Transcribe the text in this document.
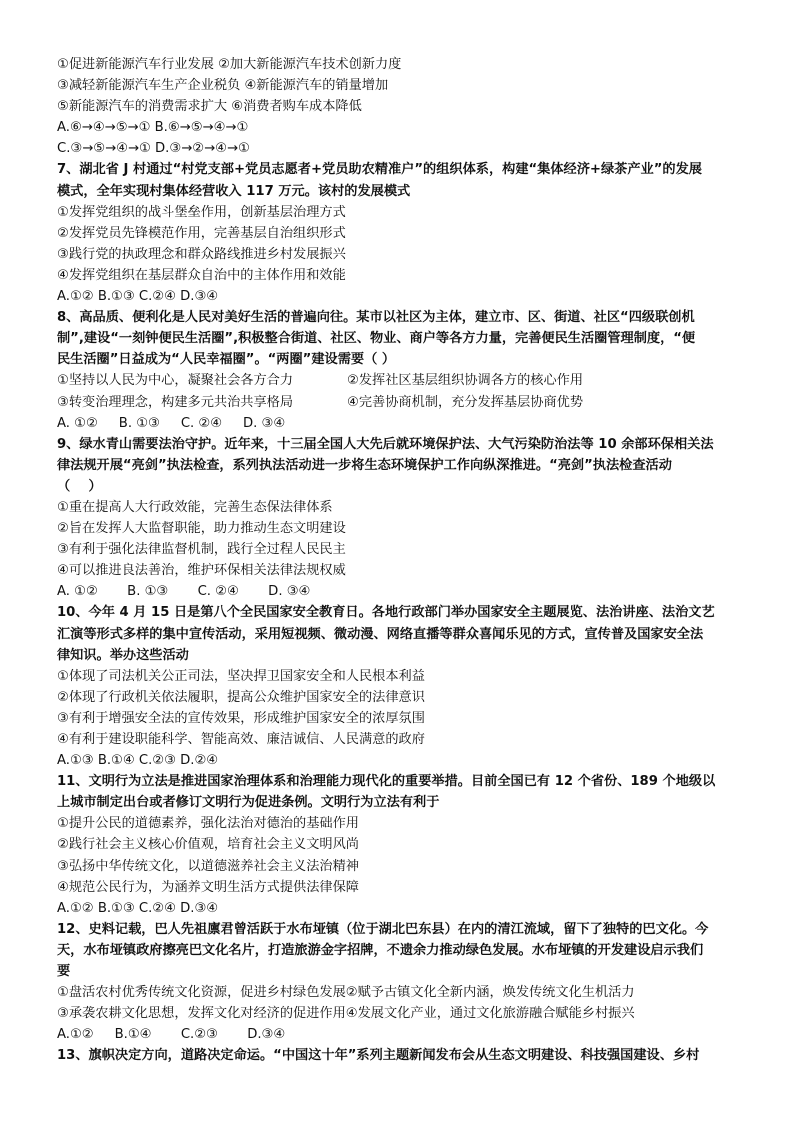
①促进新能源汽车行业发展 ②加大新能源汽车技术创新力度
③减轻新能源汽车生产企业税负 ④新能源汽车的销量增加
⑤新能源汽车的消费需求扩大 ⑥消费者购车成本降低
A.⑥→④→⑤→① B.⑥→⑤→④→①
C.③→⑤→④→① D.③→②→④→①
7、湖北省 J 村通过“村党支部+党员志愿者+党员助农精准户”的组织体系，构建“集体经济+绿茶产业”的发展
模式，全年实现村集体经营收入 117 万元。该村的发展模式
①发挥党组织的战斗堡垒作用，创新基层治理方式
②发挥党员先锋模范作用，完善基层自治组织形式
③践行党的执政理念和群众路线推进乡村发展振兴
④发挥党组织在基层群众自治中的主体作用和效能
A.①② B.①③ C.②④ D.③④
8、高品质、便利化是人民对美好生活的普遍向往。某市以社区为主体，建立市、区、街道、社区“四级联创机
制”,建设“一刻钟便民生活圈”,积极整合街道、社区、物业、商户等各方力量，完善便民生活圈管理制度，“便
民生活圈”日益成为“人民幸福圈”。“两圈”建设需要（ ）
①坚持以人民为中心，凝聚社会各方合力	②发挥社区基层组织协调各方的核心作用
③转变治理理念，构建多元共治共享格局	④完善协商机制，充分发挥基层协商优势
A. ①②     B. ①③     C. ②④     D. ③④
9、绿水青山需要法治守护。近年来，十三届全国人大先后就环境保护法、大气污染防治法等 10 余部环保相关法
律法规开展“亮剑”执法检查，系列执法活动进一步将生态环境保护工作向纵深推进。“亮剑”执法检查活动
（    ）
①重在提高人大行政效能，完善生态保法律体系
②旨在发挥人大监督职能，助力推动生态文明建设
③有利于强化法律监督机制，践行全过程人民民主
④可以推进良法善治，维护环保相关法律法规权威
A. ①②       B. ①③       C. ②④       D. ③④
10、今年 4 月 15 日是第八个全民国家安全教育日。各地行政部门举办国家安全主题展览、法治讲座、法治文艺
汇演等形式多样的集中宣传活动，采用短视频、微动漫、网络直播等群众喜闻乐见的方式，宣传普及国家安全法
律知识。举办这些活动
①体现了司法机关公正司法，坚决捍卫国家安全和人民根本利益
②体现了行政机关依法履职，提高公众维护国家安全的法律意识
③有利于增强安全法的宣传效果，形成维护国家安全的浓厚氛围
④有利于建设职能科学、智能高效、廉洁诚信、人民满意的政府
A.①③ B.①④ C.②③ D.②④
11、文明行为立法是推进国家治理体系和治理能力现代化的重要举措。目前全国已有 12 个省份、189 个地级以
上城市制定出台或者修订文明行为促进条例。文明行为立法有利于
①提升公民的道德素养，强化法治对德治的基础作用
②践行社会主义核心价值观，培育社会主义文明风尚
③弘扬中华传统文化，以道德滋养社会主义法治精神
④规范公民行为，为涵养文明生活方式提供法律保障
A.①② B.①③ C.②④ D.③④
12、史料记载，巴人先祖廪君曾活跃于水布垭镇（位于湖北巴东县）在内的清江流域，留下了独特的巴文化。今
天，水布垭镇政府擦亮巴文化名片，打造旅游金字招牌，不遗余力推动绿色发展。水布垭镇的开发建设启示我们
要
①盘活农村优秀传统文化资源，促进乡村绿色发展②赋予古镇文化全新内涵，焕发传统文化生机活力
③承袭农耕文化思想，发挥文化对经济的促进作用④发展文化产业，通过文化旅游融合赋能乡村振兴
A.①②     B.①④       C.②③       D.③④
13、旗帜决定方向，道路决定命运。“中国这十年”系列主题新闻发布会从生态文明建设、科技强国建设、乡村
